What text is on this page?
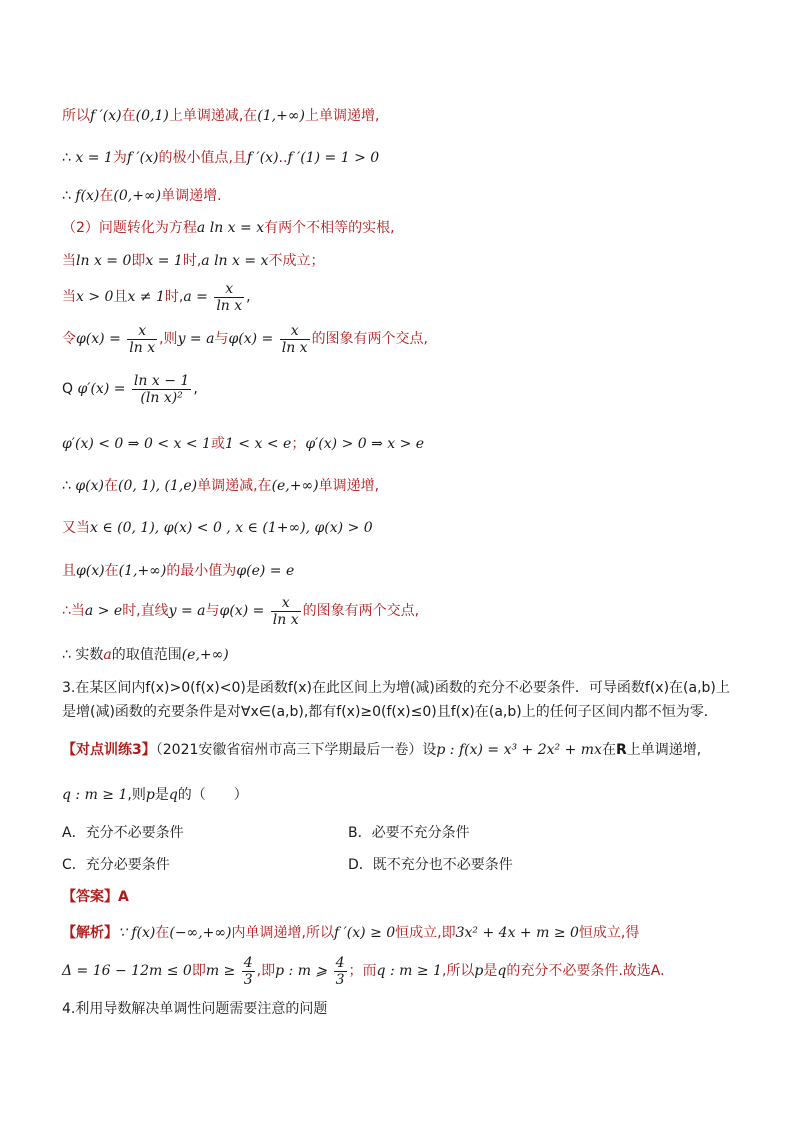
所以f ′(x)在(0,1)上单调递减,在(1,+∞)上单调递增,
∴ x = 1为f ′(x)的极小值点,且f ′(x)..f ′(1) = 1 > 0
∴ f(x)在(0,+∞)单调递增.
（2）问题转化为方程a ln x = x有两个不相等的实根,
当ln x = 0即x = 1时,a ln x = x不成立；
当x > 0且x ≠ 1时$,a = \frac{x}{\text{ln x}}$ ,
令$\varphi(x) = \frac{x}{\text{ln x}}$ ,则y = a与$\varphi(x) = \frac{x}{\text{ln x}}$ 的图象有两个交点,
Q $\varphi'(x) = \frac{\text{ln x − 1}}{\text{(ln x)²}}$ ,
φ′(x) < 0 ⇒ 0 < x < 1或1 < x < e；φ′(x) > 0 ⇒ x > e
∴ φ(x)在(0, 1), (1,e)单调递减,在(e,+∞)单调递增,
又当x ∈ (0, 1), φ(x) < 0 , x ∈ (1+∞), φ(x) > 0
且φ(x)在(1,+∞)的最小值为φ(e) = e
∴当a > e时,直线y = a与$\varphi(x) = \frac{x}{\text{ln x}}$ 的图象有两个交点,
∴ 实数a的取值范围(e,+∞)
3.在某区间内f(x)>0(f(x)<0)是函数f(x)在此区间上为增(减)函数的充分不必要条件．可导函数f(x)在(a,b)上是增(减)函数的充要条件是对∀x∈(a,b),都有f(x)≥0(f(x)≤0)且f(x)在(a,b)上的任何子区间内都不恒为零．
【对点训练3】（2021安徽省宿州市高三下学期最后一卷）设p : f(x) = x³ + 2x² + mx在R上单调递增,
q : m ≥ 1,则p是q的（　　）
A．充分不必要条件	B．必要不充分条件
C．充分必要条件	D．既不充分也不必要条件
【答案】A
【解析】∵ f(x)在(−∞,+∞)内单调递增,所以f ′(x) ≥ 0恒成立,即3x² + 4x + m ≥ 0恒成立,得
Δ = 16 − 12m ≤ 0即$m \ge \frac{4}{3}$ ,即p : m ⩾ $\frac{4}{3}$ ；而q : m ≥ 1,所以p是q的充分不必要条件.故选A.
4.利用导数解决单调性问题需要注意的问题
